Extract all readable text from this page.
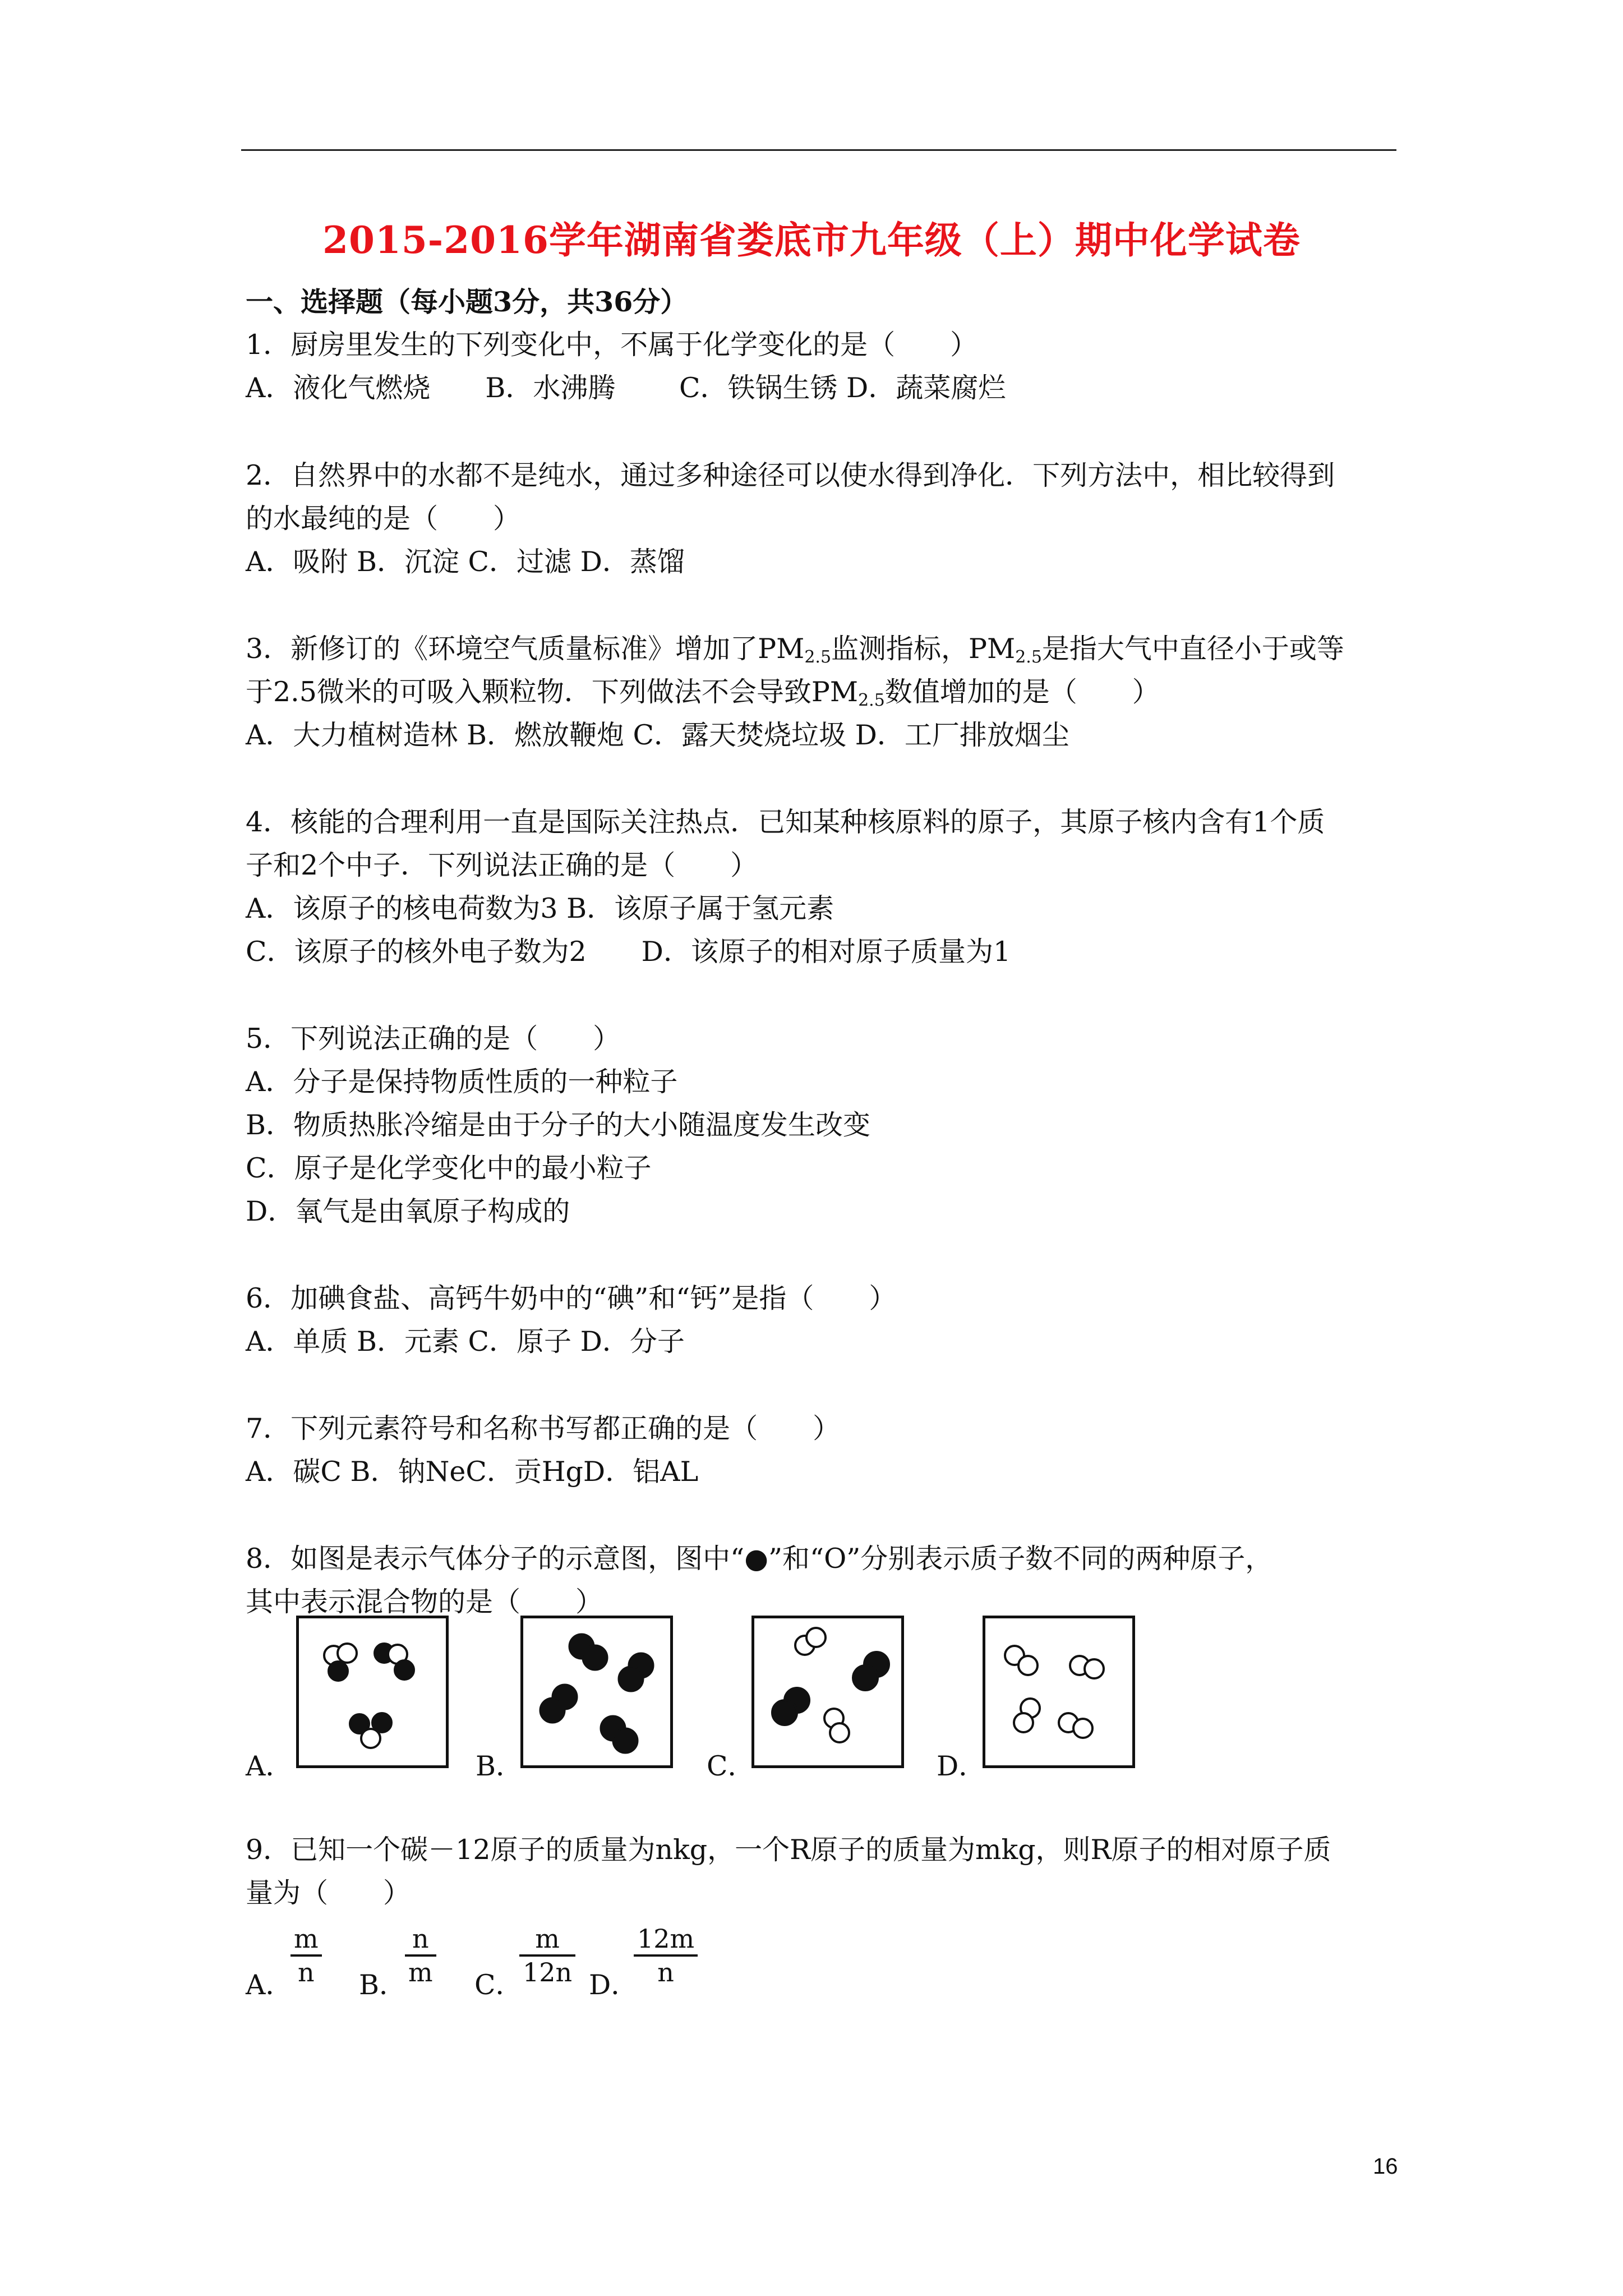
2015-2016学年湖南省娄底市九年级（上）期中化学试卷
一、选择题（每小题3分，共36分）
1．厨房里发生的下列变化中，不属于化学变化的是（　　）
A．液化气燃烧　　B．水沸腾　　 C．铁锅生锈 D．蔬菜腐烂
2．自然界中的水都不是纯水，通过多种途径可以使水得到净化．下列方法中，相比较得到
的水最纯的是（　　）
A．吸附 B．沉淀 C．过滤 D．蒸馏
3．新修订的《环境空气质量标准》增加了$PM_{2.5}$监测指标，$PM_{2.5}$是指大气中直径小于或等
于2.5微米的可吸入颗粒物．下列做法不会导致$PM_{2.5}$数值增加的是（　　）
A．大力植树造林 B．燃放鞭炮 C．露天焚烧垃圾 D．工厂排放烟尘
4．核能的合理利用一直是国际关注热点．已知某种核原料的原子，其原子核内含有1个质
子和2个中子．下列说法正确的是（　　）
A．该原子的核电荷数为3 B．该原子属于氢元素
C．该原子的核外电子数为2　　D．该原子的相对原子质量为1
5．下列说法正确的是（　　）
A．分子是保持物质性质的一种粒子
B．物质热胀冷缩是由于分子的大小随温度发生改变
C．原子是化学变化中的最小粒子
D．氧气是由氧原子构成的
6．加碘食盐、高钙牛奶中的“碘”和“钙”是指（　　）
A．单质 B．元素 C．原子 D．分子
7．下列元素符号和名称书写都正确的是（　　）
A．碳C B．钠NeC．贡HgD．铝AL
8．如图是表示气体分子的示意图，图中“●”和“O”分别表示质子数不同的两种原子，
其中表示混合物的是（　　）
A．	B．	C．	D．
9．已知一个碳－12原子的质量为nkg，一个R原子的质量为mkg，则R原子的相对原子质
量为（　　）
A．
m
n B．
n
m C．
m
12n D．
12m
n
16
